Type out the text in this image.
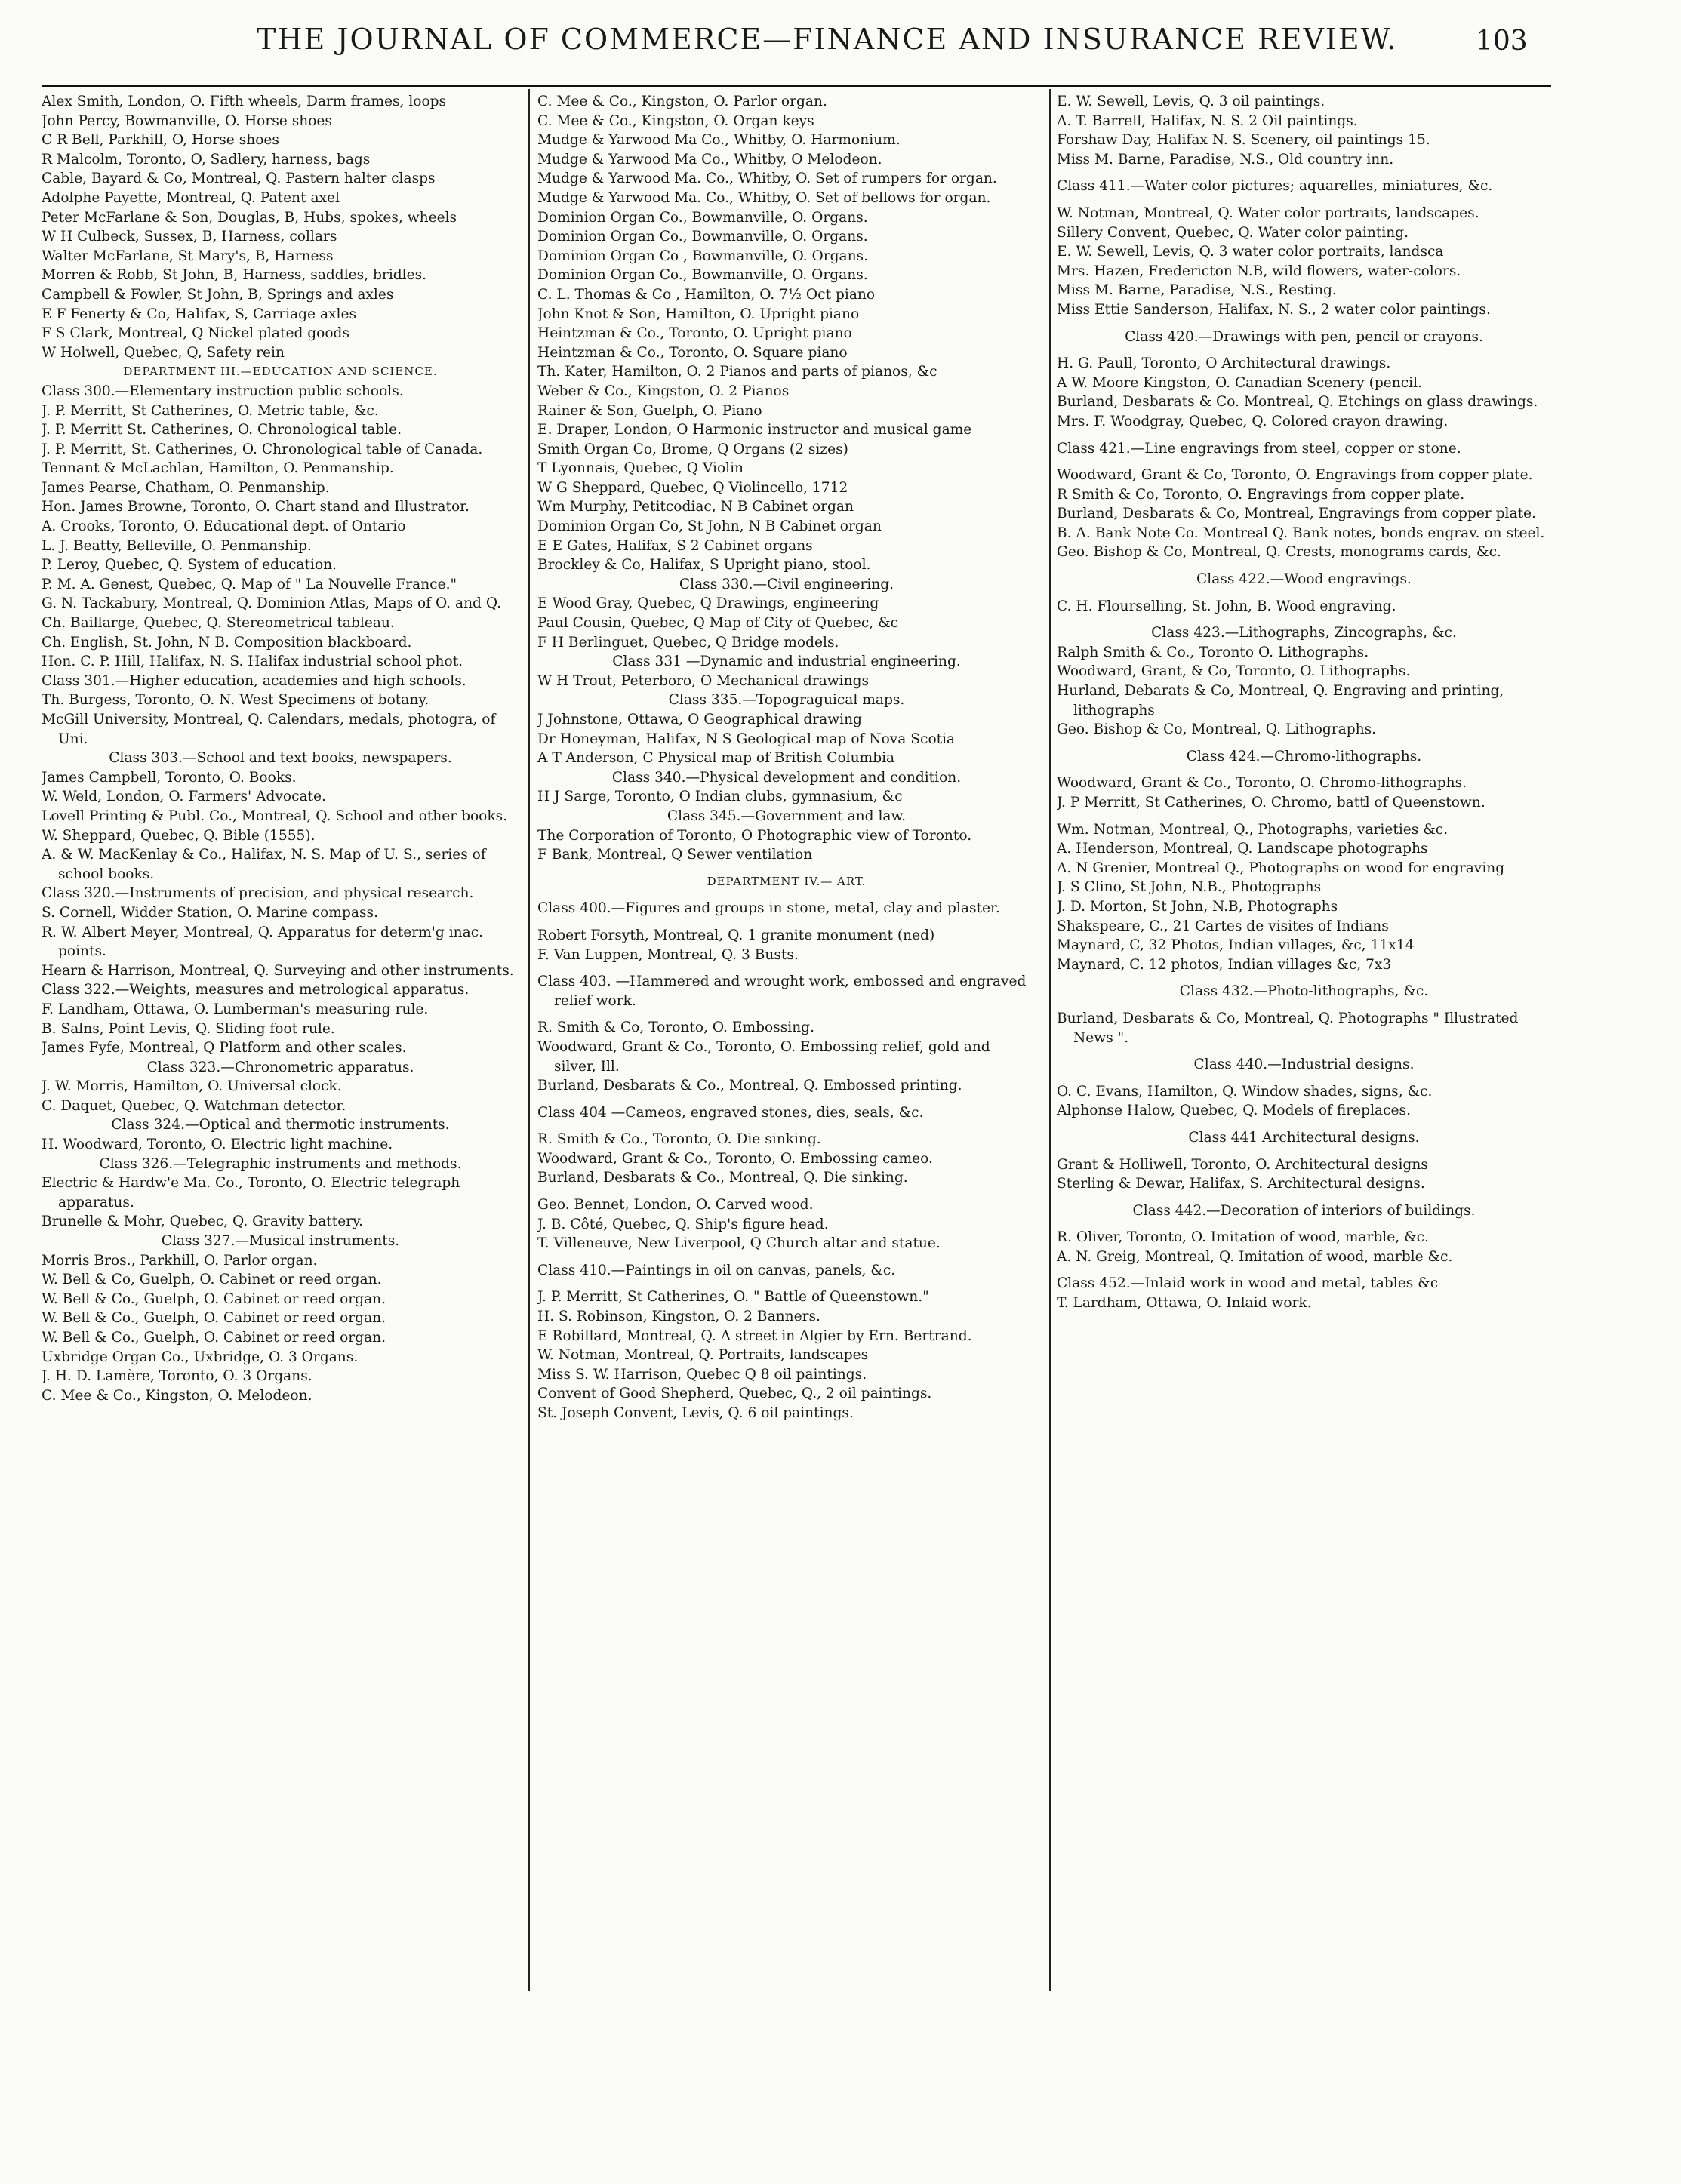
THE JOURNAL OF COMMERCE—FINANCE AND INSURANCE REVIEW.	103
Alex Smith, London, O. Fifth wheels, Darm frames, loops
John Percy, Bowmanville, O. Horse shoes
C R Bell, Parkhill, O, Horse shoes
R Malcolm, Toronto, O, Sadlery, harness, bags
Cable, Bayard & Co, Montreal, Q. Pastern halter clasps
Adolphe Payette, Montreal, Q. Patent axel
Peter McFarlane & Son, Douglas, B, Hubs, spokes, wheels
W H Culbeck, Sussex, B, Harness, collars
Walter McFarlane, St Mary's, B, Harness
Morren & Robb, St John, B, Harness, saddles, bridles.
Campbell & Fowler, St John, B, Springs and axles
E F Fenerty & Co, Halifax, S, Carriage axles
F S Clark, Montreal, Q Nickel plated goods
W Holwell, Quebec, Q, Safety rein
DEPARTMENT III.—EDUCATION AND SCIENCE.
Class 300.—Elementary instruction public schools.
J. P. Merritt, St Catherines, O. Metric table, &c.
J. P. Merritt St. Catherines, O. Chronological table.
J. P. Merritt, St. Catherines, O. Chronological table of Canada.
Tennant & McLachlan, Hamilton, O. Penmanship.
James Pearse, Chatham, O. Penmanship.
Hon. James Browne, Toronto, O. Chart stand and Illustrator.
A. Crooks, Toronto, O. Educational dept. of Ontario
L. J. Beatty, Belleville, O. Penmanship.
P. Leroy, Quebec, Q. System of education.
P. M. A. Genest, Quebec, Q. Map of " La Nouvelle France."
G. N. Tackabury, Montreal, Q. Dominion Atlas, Maps of O. and Q.
Ch. Baillarge, Quebec, Q. Stereometrical tableau.
Ch. English, St. John, N B. Composition blackboard.
Hon. C. P. Hill, Halifax, N. S. Halifax industrial school phot.
Class 301.—Higher education, academies and high schools.
Th. Burgess, Toronto, O. N. West Specimens of botany.
McGill University, Montreal, Q. Calendars, medals, photogra, of Uni.
Class 303.—School and text books, newspapers.
James Campbell, Toronto, O. Books.
W. Weld, London, O. Farmers' Advocate.
Lovell Printing & Publ. Co., Montreal, Q. School and other books.
W. Sheppard, Quebec, Q. Bible (1555).
A. & W. MacKenlay & Co., Halifax, N. S. Map of U. S., series of school books.
Class 320.—Instruments of precision, and physical research.
S. Cornell, Widder Station, O. Marine compass.
R. W. Albert Meyer, Montreal, Q. Apparatus for determ'g inac. points.
Hearn & Harrison, Montreal, Q. Surveying and other instruments.
Class 322.—Weights, measures and metrological apparatus.
F. Landham, Ottawa, O. Lumberman's measuring rule.
B. Salns, Point Levis, Q. Sliding foot rule.
James Fyfe, Montreal, Q Platform and other scales.
Class 323.—Chronometric apparatus.
J. W. Morris, Hamilton, O. Universal clock.
C. Daquet, Quebec, Q. Watchman detector.
Class 324.—Optical and thermotic instruments.
H. Woodward, Toronto, O. Electric light machine.
Class 326.—Telegraphic instruments and methods.
Electric & Hardw'e Ma. Co., Toronto, O. Electric telegraph apparatus.
Brunelle & Mohr, Quebec, Q. Gravity battery.
Class 327.—Musical instruments.
Morris Bros., Parkhill, O. Parlor organ.
W. Bell & Co, Guelph, O. Cabinet or reed organ.
W. Bell & Co., Guelph, O. Cabinet or reed organ.
W. Bell & Co., Guelph, O. Cabinet or reed organ.
W. Bell & Co., Guelph, O. Cabinet or reed organ.
Uxbridge Organ Co., Uxbridge, O. 3 Organs.
J. H. D. Lamère, Toronto, O. 3 Organs.
C. Mee & Co., Kingston, O. Melodeon.
C. Mee & Co., Kingston, O. Parlor organ.
C. Mee & Co., Kingston, O. Organ keys
Mudge & Yarwood Ma Co., Whitby, O. Harmonium.
Mudge & Yarwood Ma Co., Whitby, O Melodeon.
Mudge & Yarwood Ma. Co., Whitby, O. Set of rumpers for organ.
Mudge & Yarwood Ma. Co., Whitby, O. Set of bellows for organ.
Dominion Organ Co., Bowmanville, O. Organs.
Dominion Organ Co., Bowmanville, O. Organs.
Dominion Organ Co , Bowmanville, O. Organs.
Dominion Organ Co., Bowmanville, O. Organs.
C. L. Thomas & Co , Hamilton, O. 7½ Oct piano
John Knot & Son, Hamilton, O. Upright piano
Heintzman & Co., Toronto, O. Upright piano
Heintzman & Co., Toronto, O. Square piano
Th. Kater, Hamilton, O. 2 Pianos and parts of pianos, &c
Weber & Co., Kingston, O. 2 Pianos
Rainer & Son, Guelph, O. Piano
E. Draper, London, O Harmonic instructor and musical game
Smith Organ Co, Brome, Q Organs (2 sizes)
T Lyonnais, Quebec, Q Violin
W G Sheppard, Quebec, Q Violincello, 1712
Wm Murphy, Petitcodiac, N B Cabinet organ
Dominion Organ Co, St John, N B Cabinet organ
E E Gates, Halifax, S 2 Cabinet organs
Brockley & Co, Halifax, S Upright piano, stool.
Class 330.—Civil engineering.
E Wood Gray, Quebec, Q Drawings, engineering
Paul Cousin, Quebec, Q Map of City of Quebec, &c
F H Berlinguet, Quebec, Q Bridge models.
Class 331 —Dynamic and industrial engineering.
W H Trout, Peterboro, O Mechanical drawings
Class 335.—Topograguical maps.
J Johnstone, Ottawa, O Geographical drawing
Dr Honeyman, Halifax, N S Geological map of Nova Scotia
A T Anderson, C Physical map of British Columbia
Class 340.—Physical development and condition.
H J Sarge, Toronto, O Indian clubs, gymnasium, &c
Class 345.—Government and law.
The Corporation of Toronto, O Photographic view of Toronto.
F Bank, Montreal, Q Sewer ventilation
DEPARTMENT IV.— ART.
Class 400.—Figures and groups in stone, metal, clay and plaster.
Robert Forsyth, Montreal, Q. 1 granite monument (ned)
F. Van Luppen, Montreal, Q. 3 Busts.
Class 403. —Hammered and wrought work, embossed and engraved relief work.
R. Smith & Co, Toronto, O. Embossing.
Woodward, Grant & Co., Toronto, O. Embossing relief, gold and silver, Ill.
Burland, Desbarats & Co., Montreal, Q. Embossed printing.
Class 404 —Cameos, engraved stones, dies, seals, &c.
R. Smith & Co., Toronto, O. Die sinking.
Woodward, Grant & Co., Toronto, O. Embossing cameo.
Burland, Desbarats & Co., Montreal, Q. Die sinking.
Geo. Bennet, London, O. Carved wood.
J. B. Côté, Quebec, Q. Ship's figure head.
T. Villeneuve, New Liverpool, Q Church altar and statue.
Class 410.—Paintings in oil on canvas, panels, &c.
J. P. Merritt, St Catherines, O. " Battle of Queenstown."
H. S. Robinson, Kingston, O. 2 Banners.
E Robillard, Montreal, Q. A street in Algier by Ern. Bertrand.
W. Notman, Montreal, Q. Portraits, landscapes
Miss S. W. Harrison, Quebec Q 8 oil paintings.
Convent of Good Shepherd, Quebec, Q., 2 oil paintings.
St. Joseph Convent, Levis, Q. 6 oil paintings.
E. W. Sewell, Levis, Q. 3 oil paintings.
A. T. Barrell, Halifax, N. S. 2 Oil paintings.
Forshaw Day, Halifax N. S. Scenery, oil paintings 15.
Miss M. Barne, Paradise, N.S., Old country inn.
Class 411.—Water color pictures; aquarelles, miniatures, &c.
W. Notman, Montreal, Q. Water color portraits, landscapes.
Sillery Convent, Quebec, Q. Water color painting.
E. W. Sewell, Levis, Q. 3 water color portraits, landsca
Mrs. Hazen, Fredericton N.B, wild flowers, water-colors.
Miss M. Barne, Paradise, N.S., Resting.
Miss Ettie Sanderson, Halifax, N. S., 2 water color paintings.
Class 420.—Drawings with pen, pencil or crayons.
H. G. Paull, Toronto, O Architectural drawings.
A W. Moore Kingston, O. Canadian Scenery (pencil.
Burland, Desbarats & Co. Montreal, Q. Etchings on glass drawings.
Mrs. F. Woodgray, Quebec, Q. Colored crayon drawing.
Class 421.—Line engravings from steel, copper or stone.
Woodward, Grant & Co, Toronto, O. Engravings from copper plate.
R Smith & Co, Toronto, O. Engravings from copper plate.
Burland, Desbarats & Co, Montreal, Engravings from copper plate.
B. A. Bank Note Co. Montreal Q. Bank notes, bonds engrav. on steel.
Geo. Bishop & Co, Montreal, Q. Crests, monograms cards, &c.
Class 422.—Wood engravings.
C. H. Flourselling, St. John, B. Wood engraving.
Class 423.—Lithographs, Zincographs, &c.
Ralph Smith & Co., Toronto O. Lithographs.
Woodward, Grant, & Co, Toronto, O. Lithographs.
Hurland, Debarats & Co, Montreal, Q. Engraving and printing, lithographs
Geo. Bishop & Co, Montreal, Q. Lithographs.
Class 424.—Chromo-lithographs.
Woodward, Grant & Co., Toronto, O. Chromo-lithographs.
J. P Merritt, St Catherines, O. Chromo, battl of Queenstown.
Wm. Notman, Montreal, Q., Photographs, varieties &c.
A. Henderson, Montreal, Q. Landscape photographs
A. N Grenier, Montreal Q., Photographs on wood for engraving
J. S Clino, St John, N.B., Photographs
J. D. Morton, St John, N.B, Photographs
Shakspeare, C., 21 Cartes de visites of Indians
Maynard, C, 32 Photos, Indian villages, &c, 11x14
Maynard, C. 12 photos, Indian villages &c, 7x3
Class 432.—Photo-lithographs, &c.
Burland, Desbarats & Co, Montreal, Q. Photographs " Illustrated News ".
Class 440.—Industrial designs.
O. C. Evans, Hamilton, Q. Window shades, signs, &c.
Alphonse Halow, Quebec, Q. Models of fireplaces.
Class 441 Architectural designs.
Grant & Holliwell, Toronto, O. Architectural designs
Sterling & Dewar, Halifax, S. Architectural designs.
Class 442.—Decoration of interiors of buildings.
R. Oliver, Toronto, O. Imitation of wood, marble, &c.
A. N. Greig, Montreal, Q. Imitation of wood, marble &c.
Class 452.—Inlaid work in wood and metal, tables &c
T. Lardham, Ottawa, O. Inlaid work.
